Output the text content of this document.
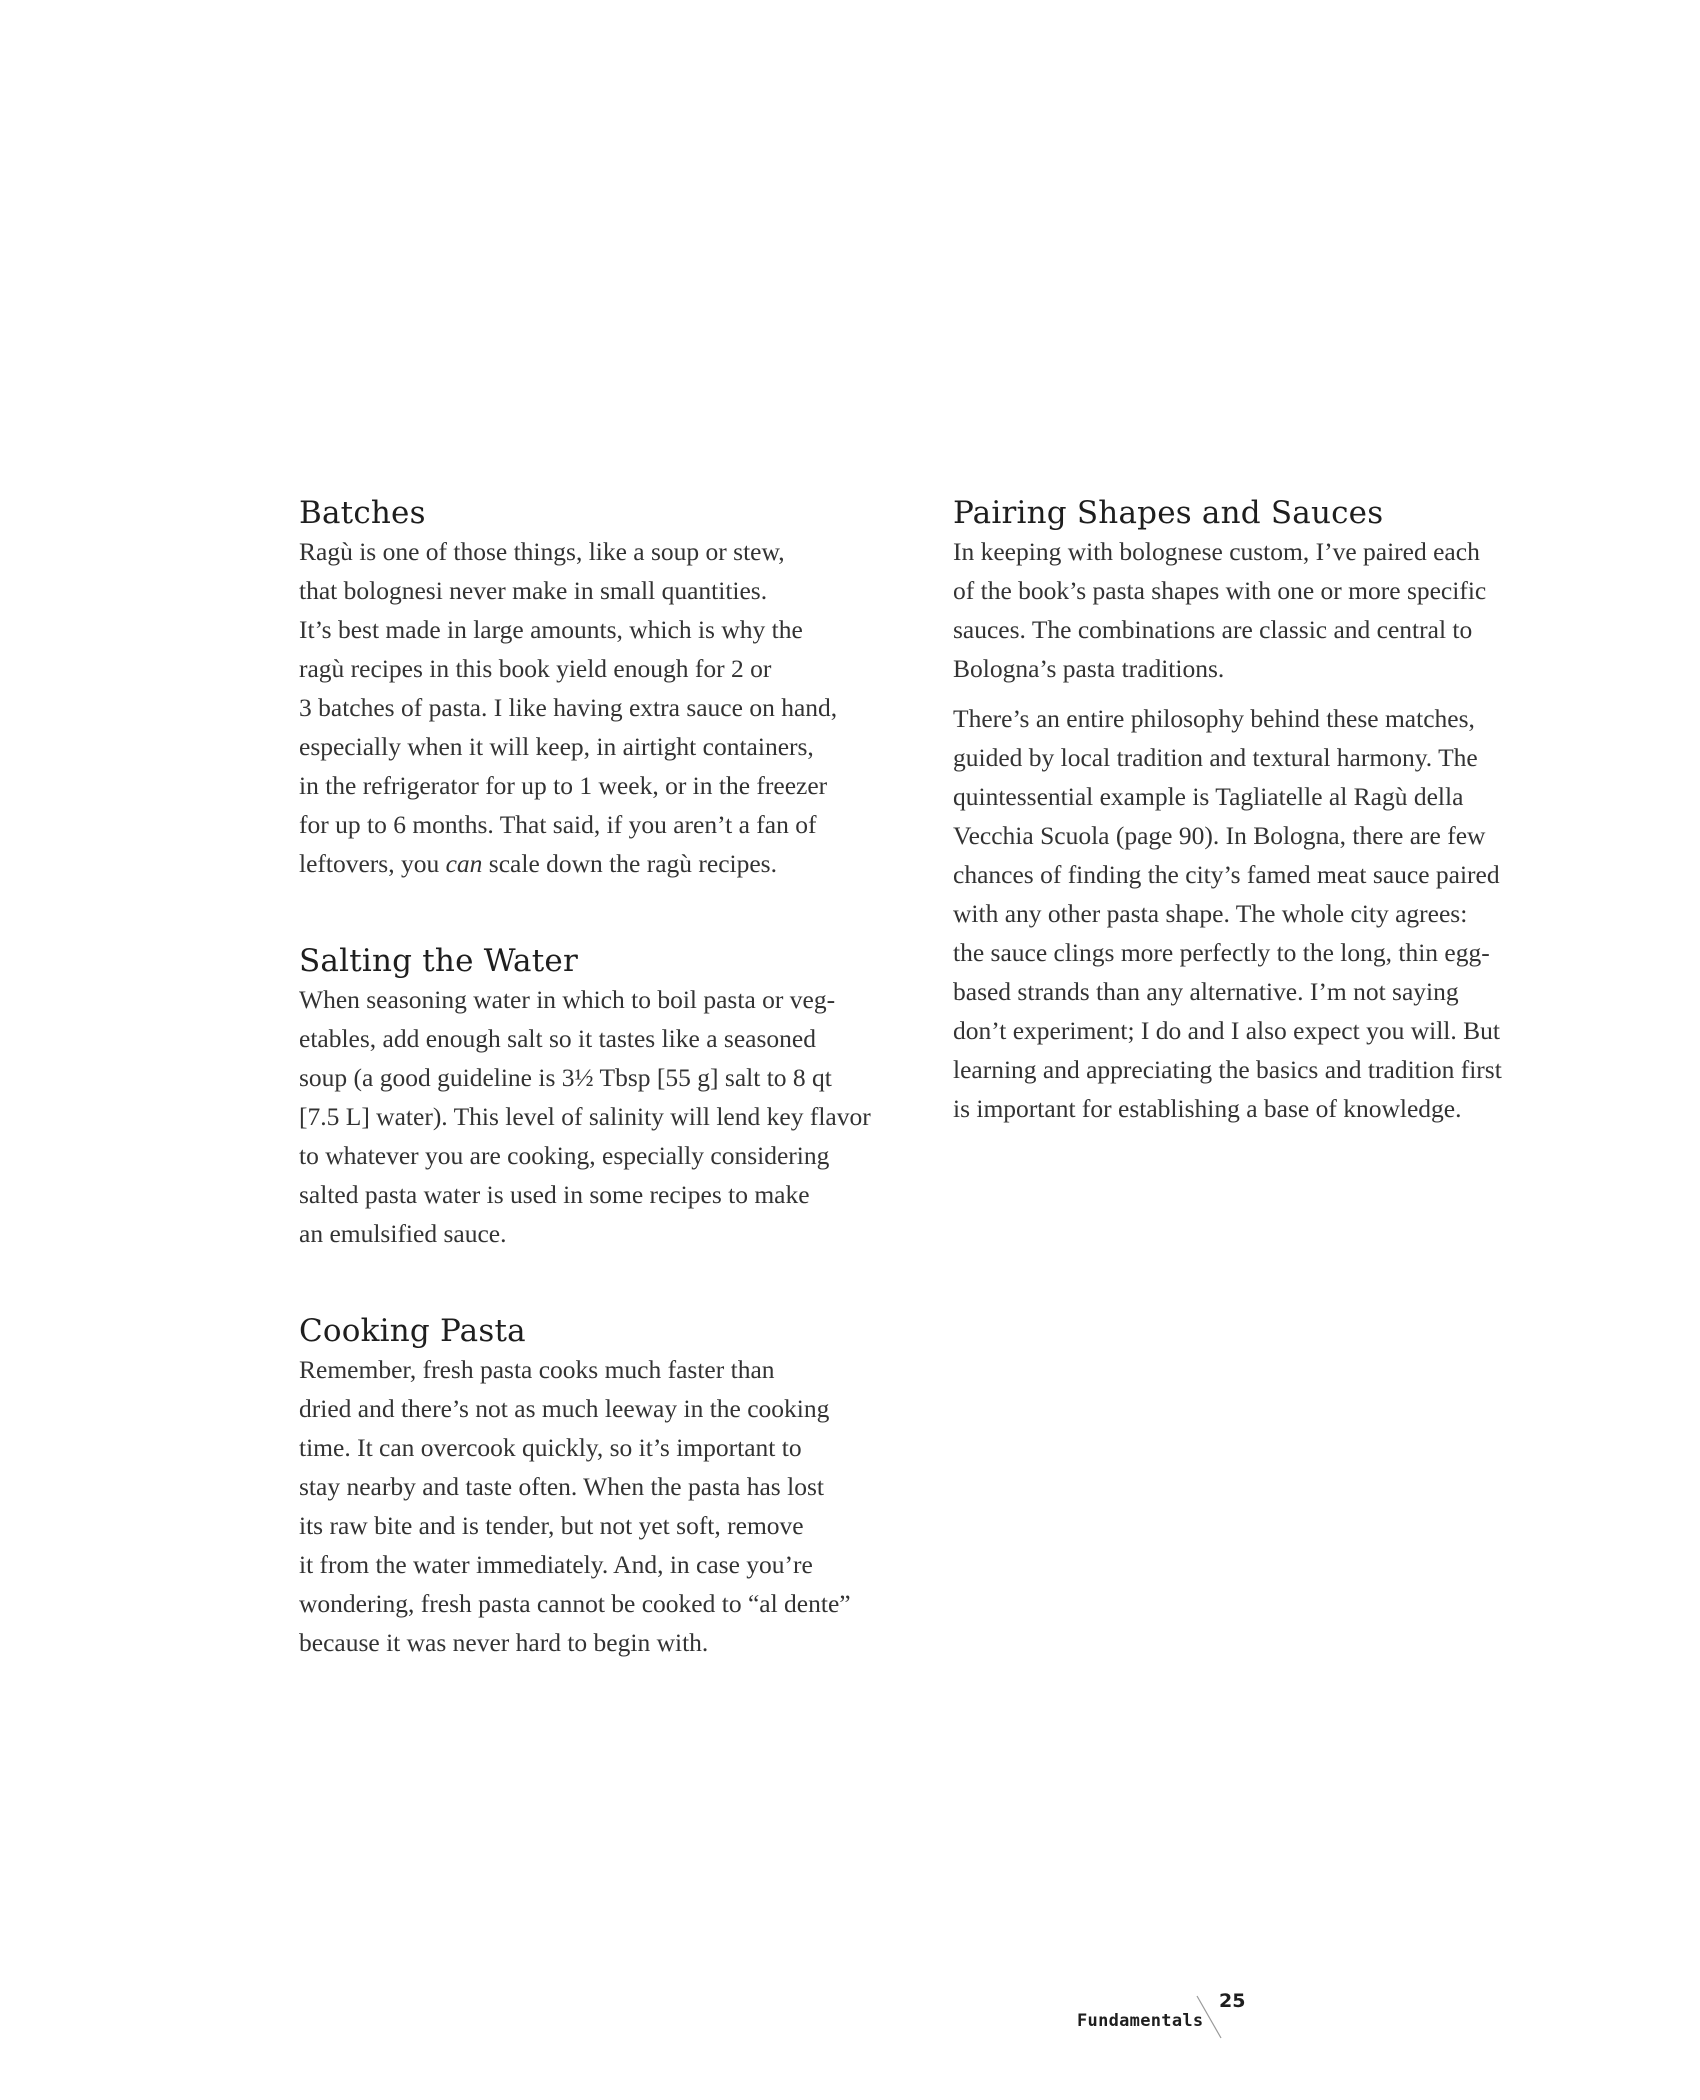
Batches

Ragù is one of those things, like a soup or stew,
that bolognesi never make in small quantities.
It’s best made in large amounts, which is why the
ragù recipes in this book yield enough for 2 or
3 batches of pasta. I like having extra sauce on hand,
especially when it will keep, in airtight containers,
in the refrigerator for up to 1 week, or in the freezer
for up to 6 months. That said, if you aren’t a fan of
leftovers, you can scale down the ragù recipes.

Salting the Water

When seasoning water in which to boil pasta or veg-
etables, add enough salt so it tastes like a seasoned
soup (a good guideline is 3½ Tbsp [55 g] salt to 8 qt
[7.5 L] water). This level of salinity will lend key flavor
to whatever you are cooking, especially considering
salted pasta water is used in some recipes to make
an emulsified sauce.

Cooking Pasta

Remember, fresh pasta cooks much faster than
dried and there’s not as much leeway in the cooking
time. It can overcook quickly, so it’s important to
stay nearby and taste often. When the pasta has lost
its raw bite and is tender, but not yet soft, remove
it from the water immediately. And, in case you’re
wondering, fresh pasta cannot be cooked to “al dente”
because it was never hard to begin with.

Pairing Shapes and Sauces

In keeping with bolognese custom, I’ve paired each
of the book’s pasta shapes with one or more specific
sauces. The combinations are classic and central to
Bologna’s pasta traditions.

There’s an entire philosophy behind these matches,
guided by local tradition and textural harmony. The
quintessential example is Tagliatelle al Ragù della
Vecchia Scuola (page 90). In Bologna, there are few
chances of finding the city’s famed meat sauce paired
with any other pasta shape. The whole city agrees:
the sauce clings more perfectly to the long, thin egg-
based strands than any alternative. I’m not saying
don’t experiment; I do and I also expect you will. But
learning and appreciating the basics and tradition first
is important for establishing a base of knowledge.

Fundamentals
25
